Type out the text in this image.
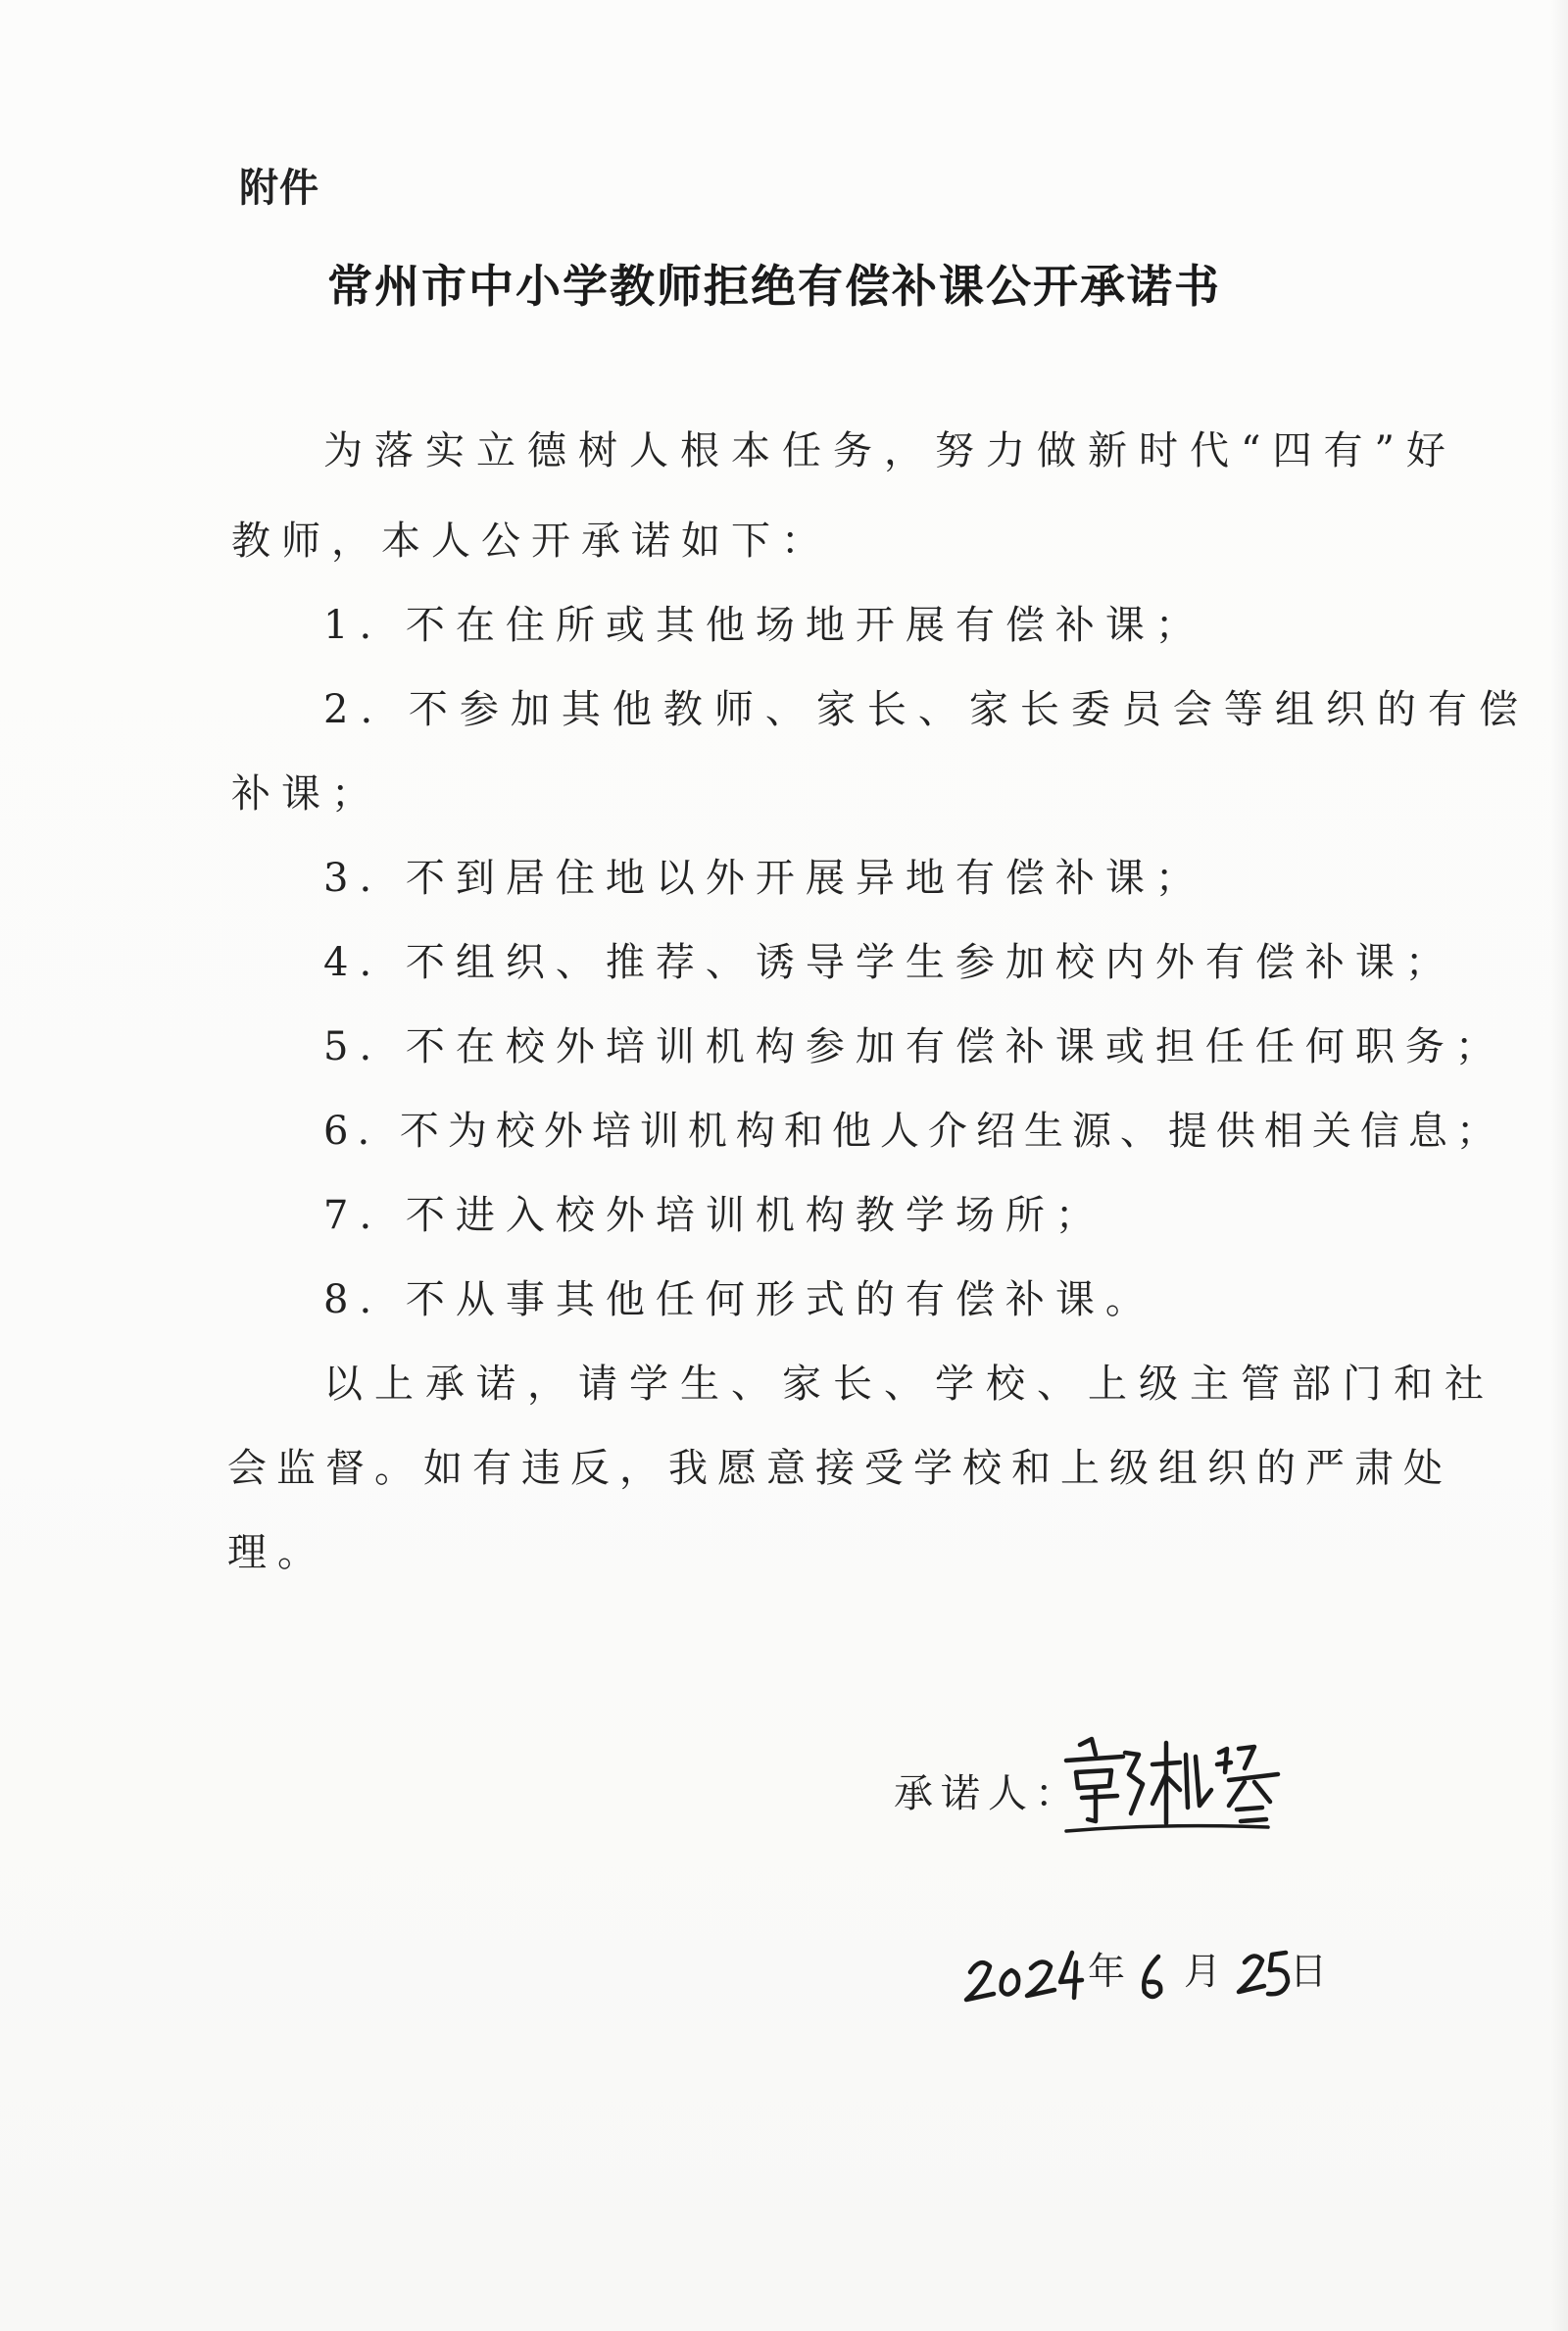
附件
常州市中小学教师拒绝有偿补课公开承诺书
为落实立德树人根本任务，努力做新时代“四有”好
教师，本人公开承诺如下：
1. 不在住所或其他场地开展有偿补课；
2. 不参加其他教师、家长、家长委员会等组织的有偿
补课；
3. 不到居住地以外开展异地有偿补课；
4. 不组织、推荐、诱导学生参加校内外有偿补课；
5. 不在校外培训机构参加有偿补课或担任任何职务；
6. 不为校外培训机构和他人介绍生源、提供相关信息；
7. 不进入校外培训机构教学场所；
8. 不从事其他任何形式的有偿补课。
以上承诺，请学生、家长、学校、上级主管部门和社
会监督。如有违反，我愿意接受学校和上级组织的严肃处
理。
承诺人：
年 月 日
